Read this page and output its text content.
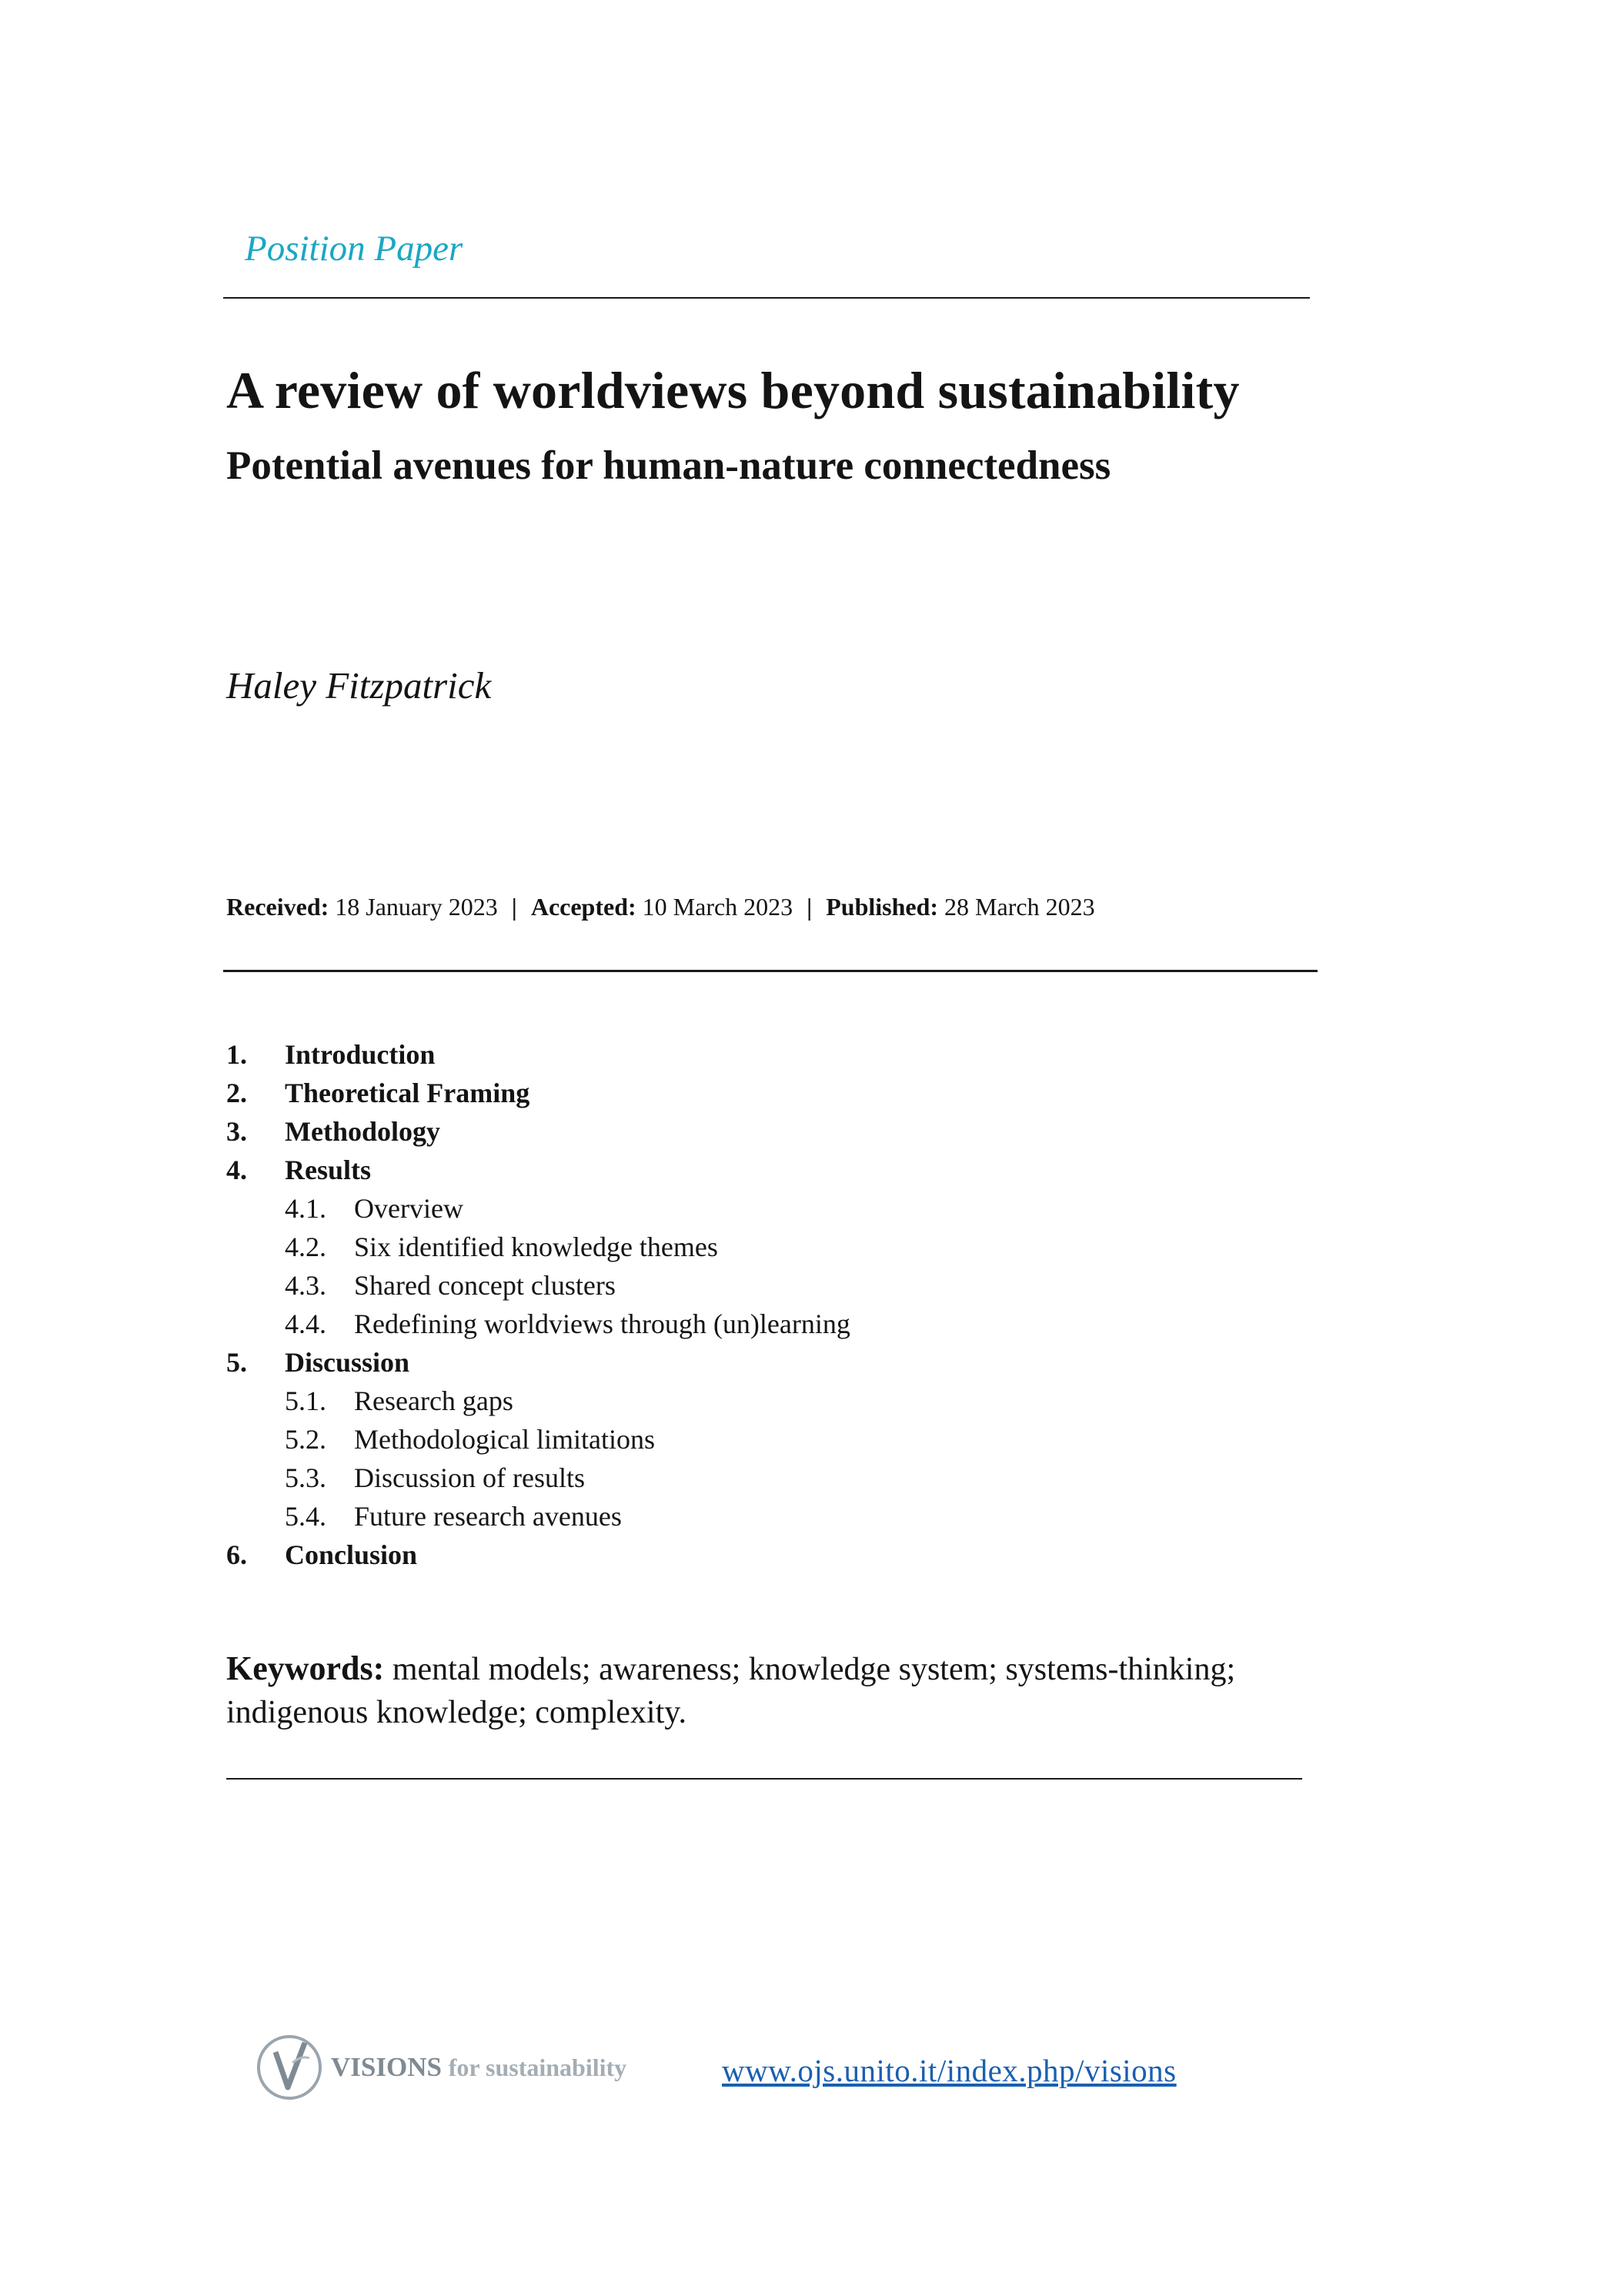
Position Paper
A review of worldviews beyond sustainability
Potential avenues for human-nature connectedness
Haley Fitzpatrick
Received: 18 January 2023 | Accepted: 10 March 2023 | Published: 28 March 2023
1. Introduction
2. Theoretical Framing
3. Methodology
4. Results
4.1. Overview
4.2. Six identified knowledge themes
4.3. Shared concept clusters
4.4. Redefining worldviews through (un)learning
5. Discussion
5.1. Research gaps
5.2. Methodological limitations
5.3. Discussion of results
5.4. Future research avenues
6. Conclusion
Keywords: mental models; awareness; knowledge system; systems-thinking; indigenous knowledge; complexity.
VISIONS for sustainability	www.ojs.unito.it/index.php/visions
